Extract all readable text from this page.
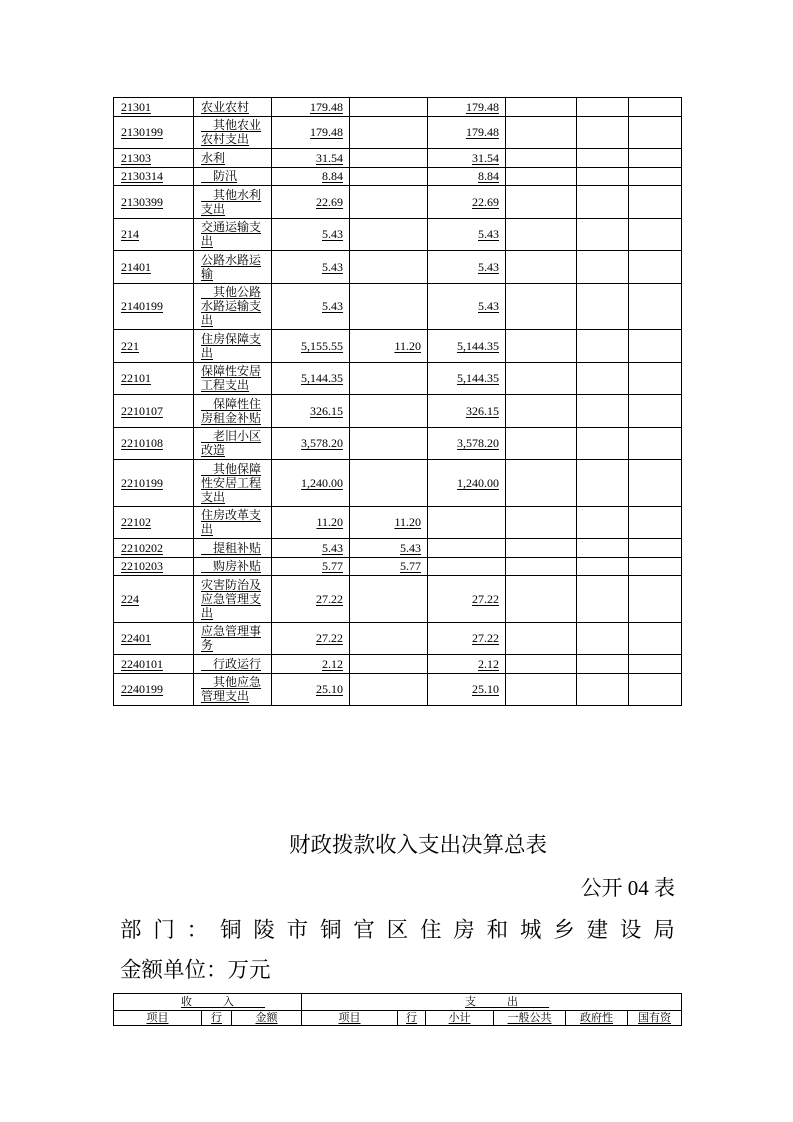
21301	农业农村	179.48		179.48			
2130199	其他农业农村支出	179.48		179.48			
21303	水利	31.54		31.54			
2130314	防汛	8.84		8.84			
2130399	其他水利支出	22.69		22.69			
214	交通运输支出	5.43		5.43			
21401	公路水路运输	5.43		5.43			
2140199	其他公路水路运输支出	5.43		5.43			
221	住房保障支出	5,155.55	11.20	5,144.35			
22101	保障性安居工程支出	5,144.35		5,144.35			
2210107	保障性住房租金补贴	326.15		326.15			
2210108	老旧小区改造	3,578.20		3,578.20			
2210199	其他保障性安居工程支出	1,240.00		1,240.00			
22102	住房改革支出	11.20	11.20				
2210202	提租补贴	5.43	5.43				
2210203	购房补贴	5.77	5.77				
224	灾害防治及应急管理支出	27.22		27.22			
22401	应急管理事务	27.22		27.22			
2240101	行政运行	2.12		2.12			
2240199	其他应急管理支出	25.10		25.10			
财政拨款收入支出决算总表
公开 04 表
部 门 ： 铜 陵 市 铜 官 区 住 房 和 城 乡 建 设 局
金额单位：万元
收入			支出					
项目	行	金额	项目	行	小计	一般公共	政府性	国有资
